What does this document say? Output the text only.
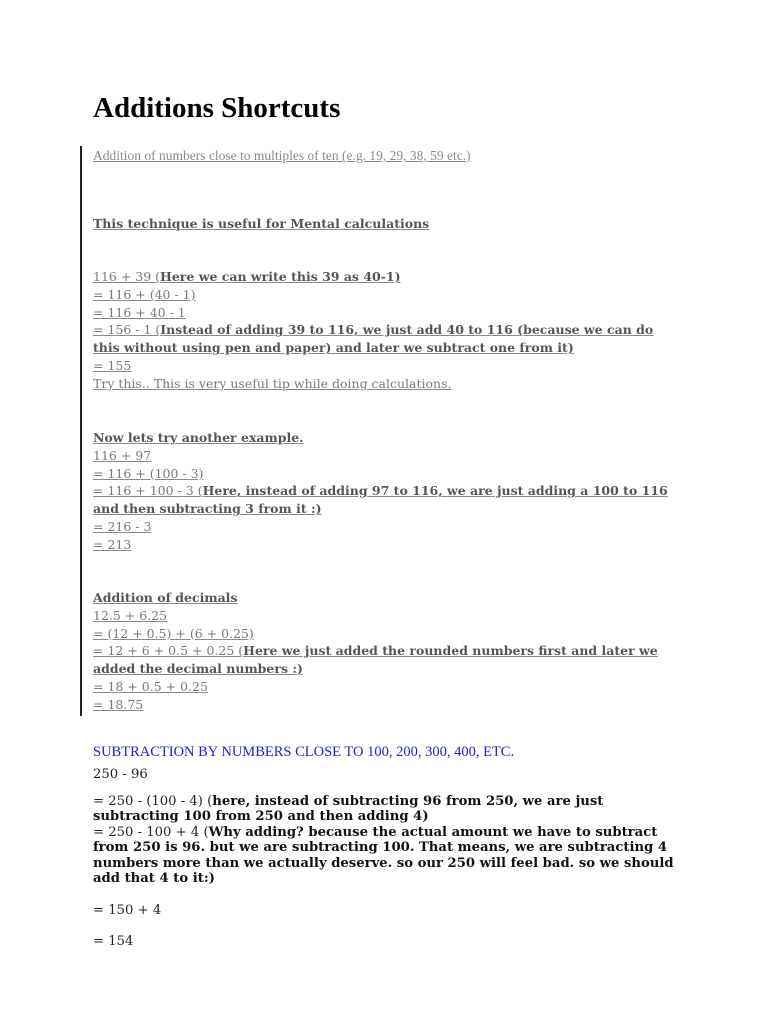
Additions Shortcuts
Addition of numbers close to multiples of ten (e.g. 19, 29, 38, 59 etc.)
This technique is useful for Mental calculations
116 + 39 (Here we can write this 39 as 40-1)
= 116 + (40 - 1)
= 116 + 40 - 1
= 156 - 1 (Instead of adding 39 to 116, we just add 40 to 116 (because we can do this without using pen and paper) and later we subtract one from it)
= 155
Try this.. This is very useful tip while doing calculations.
Now lets try another example.
116 + 97
= 116 + (100 - 3)
= 116 + 100 - 3 (Here, instead of adding 97 to 116, we are just adding a 100 to 116 and then subtracting 3 from it :)
= 216 - 3
= 213
Addition of decimals
12.5 + 6.25
= (12 + 0.5) + (6 + 0.25)
= 12 + 6 + 0.5 + 0.25 (Here we just added the rounded numbers first and later we added the decimal numbers :)
= 18 + 0.5 + 0.25
= 18.75
SUBTRACTION BY NUMBERS CLOSE TO 100, 200, 300, 400, ETC.
250 - 96
= 250 - (100 - 4) (here, instead of subtracting 96 from 250, we are just subtracting 100 from 250 and then adding 4)
= 250 - 100 + 4 (Why adding? because the actual amount we have to subtract from 250 is 96. but we are subtracting 100. That means, we are subtracting 4 numbers more than we actually deserve. so our 250 will feel bad. so we should add that 4 to it:)
= 150 + 4
= 154
